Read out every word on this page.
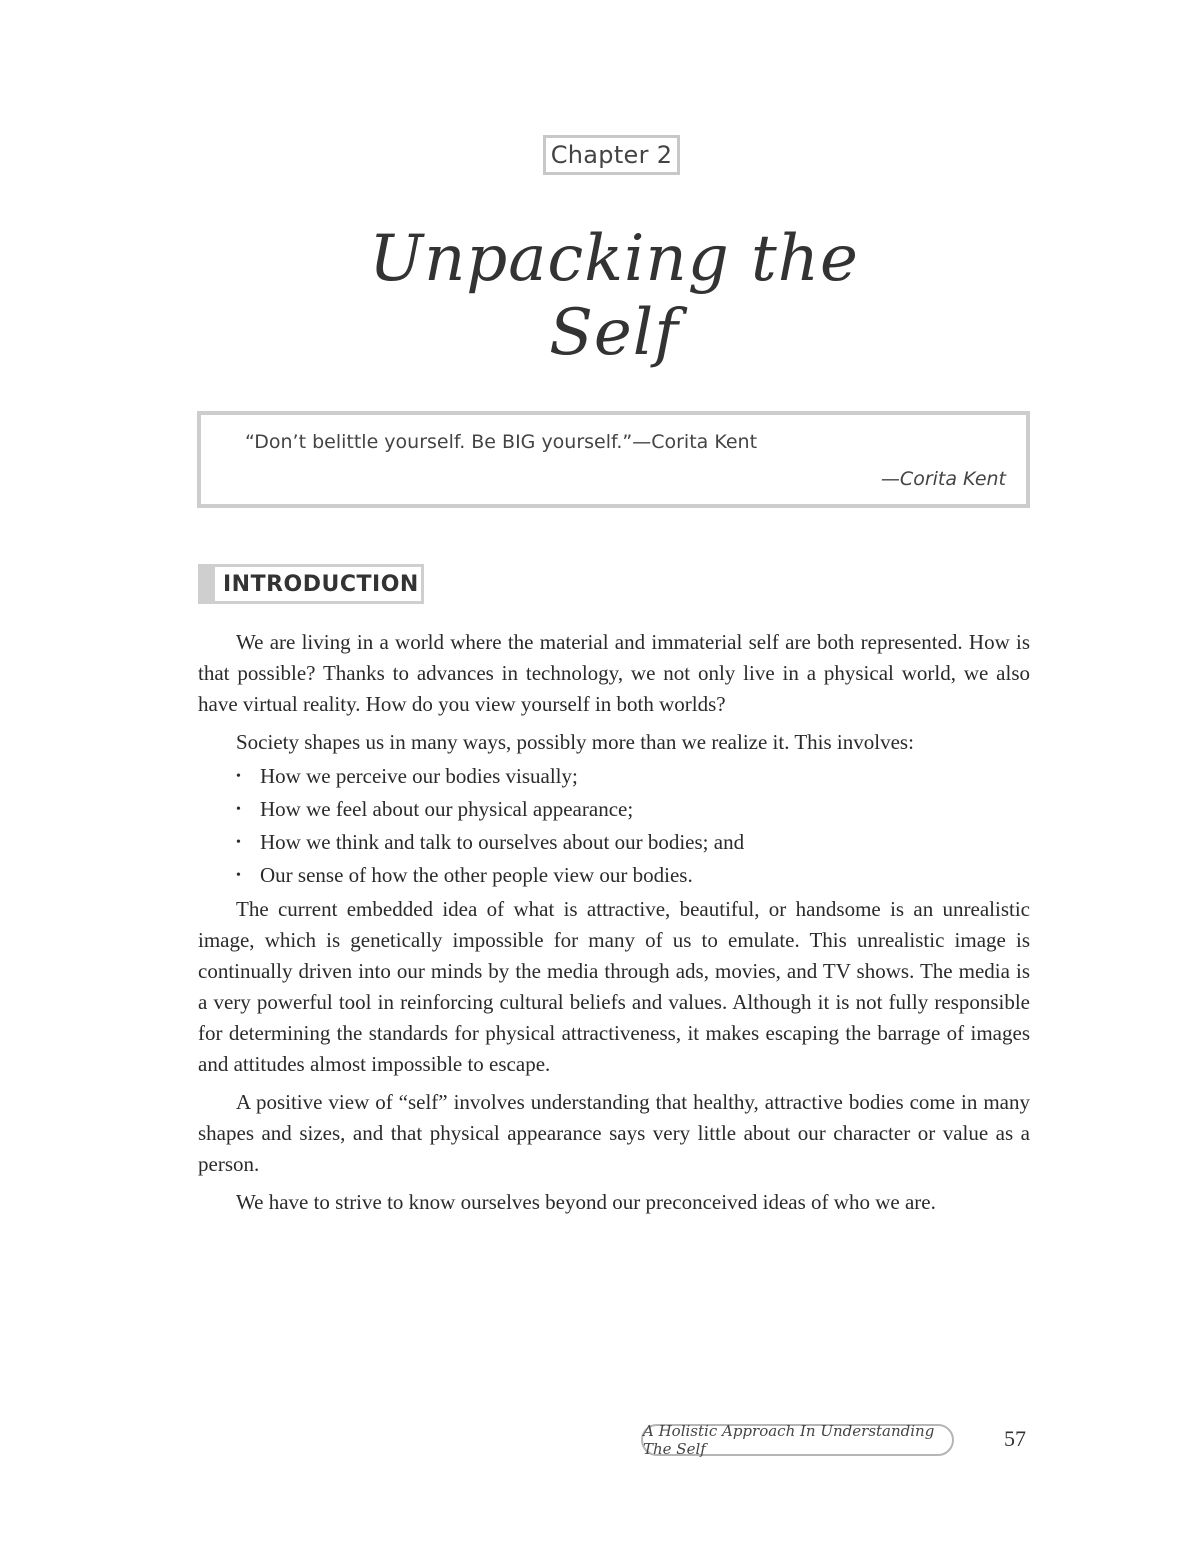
Chapter 2
Unpacking the Self
“Don’t belittle yourself. Be BIG yourself.”—Corita Kent
—Corita Kent
INTRODUCTION

We are living in a world where the material and immaterial self are both represented. How is that possible? Thanks to advances in technology, we not only live in a physical world, we also have virtual reality. How do you view yourself in both worlds?

Society shapes us in many ways, possibly more than we realize it. This involves:

• How we perceive our bodies visually;
• How we feel about our physical appearance;
• How we think and talk to ourselves about our bodies; and
• Our sense of how the other people view our bodies.

The current embedded idea of what is attractive, beautiful, or handsome is an unrealistic image, which is genetically impossible for many of us to emulate. This unrealistic image is continually driven into our minds by the media through ads, movies, and TV shows. The media is a very powerful tool in reinforcing cultural beliefs and values. Although it is not fully responsible for determining the standards for physical attractiveness, it makes escaping the barrage of images and attitudes almost impossible to escape.

A positive view of “self” involves understanding that healthy, attractive bodies come in many shapes and sizes, and that physical appearance says very little about our character or value as a person.

We have to strive to know ourselves beyond our preconceived ideas of who we are.

A Holistic Approach In Understanding The Self	57
